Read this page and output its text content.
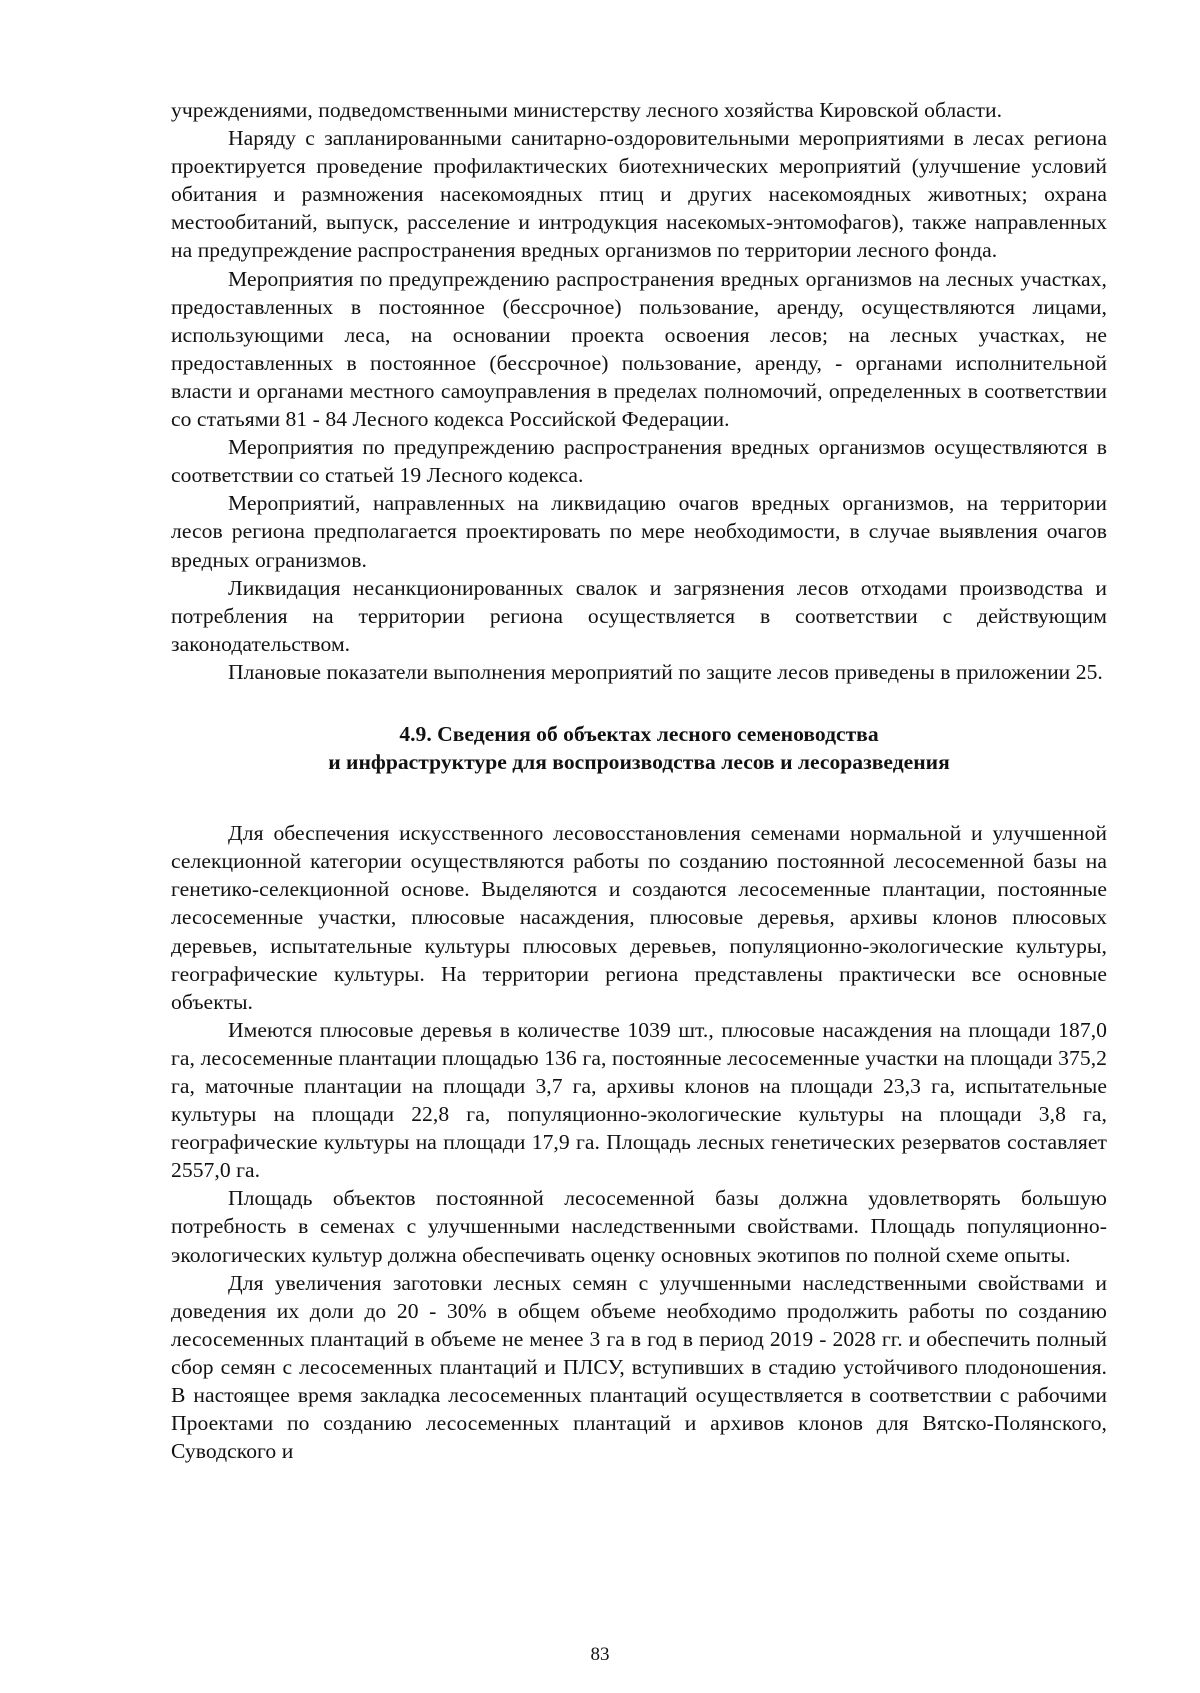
учреждениями, подведомственными министерству лесного хозяйства Кировской области.

Наряду с запланированными санитарно-оздоровительными мероприятиями в лесах региона проектируется проведение профилактических биотехнических мероприятий (улучшение условий обитания и размножения насекомоядных птиц и других насекомоядных животных; охрана местообитаний, выпуск, расселение и интродукция насекомых-энтомофагов), также направленных на предупреждение распространения вредных организмов по территории лесного фонда.

Мероприятия по предупреждению распространения вредных организмов на лесных участках, предоставленных в постоянное (бессрочное) пользование, аренду, осуществляются лицами, использующими леса, на основании проекта освоения лесов; на лесных участках, не предоставленных в постоянное (бессрочное) пользование, аренду, - органами исполнительной власти и органами местного самоуправления в пределах полномочий, определенных в соответствии со статьями 81 - 84 Лесного кодекса Российской Федерации.

Мероприятия по предупреждению распространения вредных организмов осуществляются в соответствии со статьей 19 Лесного кодекса.

Мероприятий, направленных на ликвидацию очагов вредных организмов, на территории лесов региона предполагается проектировать по мере необходимости, в случае выявления очагов вредных огранизмов.

Ликвидация несанкционированных свалок и загрязнения лесов отходами производства и потребления на территории региона осуществляется в соответствии с действующим законодательством.

Плановые показатели выполнения мероприятий по защите лесов приведены в приложении 25.

4.9. Сведения об объектах лесного семеноводства
и инфраструктуре для воспроизводства лесов и лесоразведения

Для обеспечения искусственного лесовосстановления семенами нормальной и улучшенной селекционной категории осуществляются работы по созданию постоянной лесосеменной базы на генетико-селекционной основе. Выделяются и создаются лесосеменные плантации, постоянные лесосеменные участки, плюсовые насаждения, плюсовые деревья, архивы клонов плюсовых деревьев, испытательные культуры плюсовых деревьев, популяционно-экологические культуры, географические культуры. На территории региона представлены практически все основные объекты.

Имеются плюсовые деревья в количестве 1039 шт., плюсовые насаждения на площади 187,0 га, лесосеменные плантации площадью 136 га, постоянные лесосеменные участки на площади 375,2 га, маточные плантации на площади 3,7 га, архивы клонов на площади 23,3 га, испытательные культуры на площади 22,8 га, популяционно-экологические культуры на площади 3,8 га, географические культуры на площади 17,9 га. Площадь лесных генетических резерватов составляет 2557,0 га.

Площадь объектов постоянной лесосеменной базы должна удовлетворять большую потребность в семенах с улучшенными наследственными свойствами. Площадь популяционно-экологических культур должна обеспечивать оценку основных экотипов по полной схеме опыты.

Для увеличения заготовки лесных семян с улучшенными наследственными свойствами и доведения их доли до 20 - 30% в общем объеме необходимо продолжить работы по созданию лесосеменных плантаций в объеме не менее 3 га в год в период 2019 - 2028 гг. и обеспечить полный сбор семян с лесосеменных плантаций и ПЛСУ, вступивших в стадию устойчивого плодоношения. В настоящее время закладка лесосеменных плантаций осуществляется в соответствии с рабочими Проектами по созданию лесосеменных плантаций и архивов клонов для Вятско-Полянского, Суводского и

83
